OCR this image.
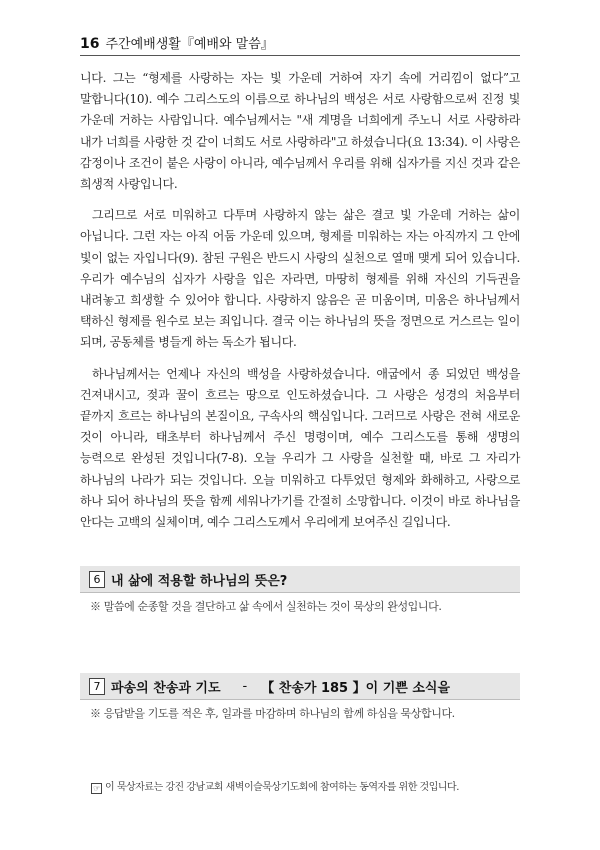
16 주간예배생활『예배와 말씀』

니다. 그는 “형제를 사랑하는 자는 빛 가운데 거하여 자기 속에 거리낌이 없다”고 말합니다(10). 예수 그리스도의 이름으로 하나님의 백성은 서로 사랑함으로써 진정 빛 가운데 거하는 사람입니다. 예수님께서는 "새 계명을 너희에게 주노니 서로 사랑하라 내가 너희를 사랑한 것 같이 너희도 서로 사랑하라"고 하셨습니다(요 13:34). 이 사랑은 감정이나 조건이 붙은 사랑이 아니라, 예수님께서 우리를 위해 십자가를 지신 것과 같은 희생적 사랑입니다.

그리므로 서로 미워하고 다투며 사랑하지 않는 삶은 결코 빛 가운데 거하는 삶이 아닙니다. 그런 자는 아직 어둠 가운데 있으며, 형제를 미워하는 자는 아직까지 그 안에 빛이 없는 자입니다(9). 참된 구원은 반드시 사랑의 실천으로 열매 맺게 되어 있습니다. 우리가 예수님의 십자가 사랑을 입은 자라면, 마땅히 형제를 위해 자신의 기득권을 내려놓고 희생할 수 있어야 합니다. 사랑하지 않음은 곧 미움이며, 미움은 하나님께서 택하신 형제를 원수로 보는 죄입니다. 결국 이는 하나님의 뜻을 정면으로 거스르는 일이 되며, 공동체를 병들게 하는 독소가 됩니다.

하나님께서는 언제나 자신의 백성을 사랑하셨습니다. 애굽에서 종 되었던 백성을 건져내시고, 젖과 꿀이 흐르는 땅으로 인도하셨습니다. 그 사랑은 성경의 처음부터 끝까지 흐르는 하나님의 본질이요, 구속사의 핵심입니다. 그러므로 사랑은 전혀 새로운 것이 아니라, 태초부터 하나님께서 주신 명령이며, 예수 그리스도를 통해 생명의 능력으로 완성된 것입니다(7-8). 오늘 우리가 그 사랑을 실천할 때, 바로 그 자리가 하나님의 나라가 되는 것입니다. 오늘 미워하고 다투었던 형제와 화해하고, 사랑으로 하나 되어 하나님의 뜻을 함께 세워나가기를 간절히 소망합니다. 이것이 바로 하나님을 안다는 고백의 실체이며, 예수 그리스도께서 우리에게 보여주신 길입니다.

6 내 삶에 적용할 하나님의 뜻은?
※ 말씀에 순종할 것을 결단하고 삶 속에서 실천하는 것이 묵상의 완성입니다.
7 파송의 찬송과 기도 - 【 찬송가 185 】이 기쁜 소식을
※ 응답받을 기도를 적은 후, 일과를 마감하며 하나님의 함께 하심을 묵상합니다.
☞ 이 묵상자료는 강진 강남교회 새벽이슬묵상기도회에 참여하는 동역자를 위한 것입니다.
